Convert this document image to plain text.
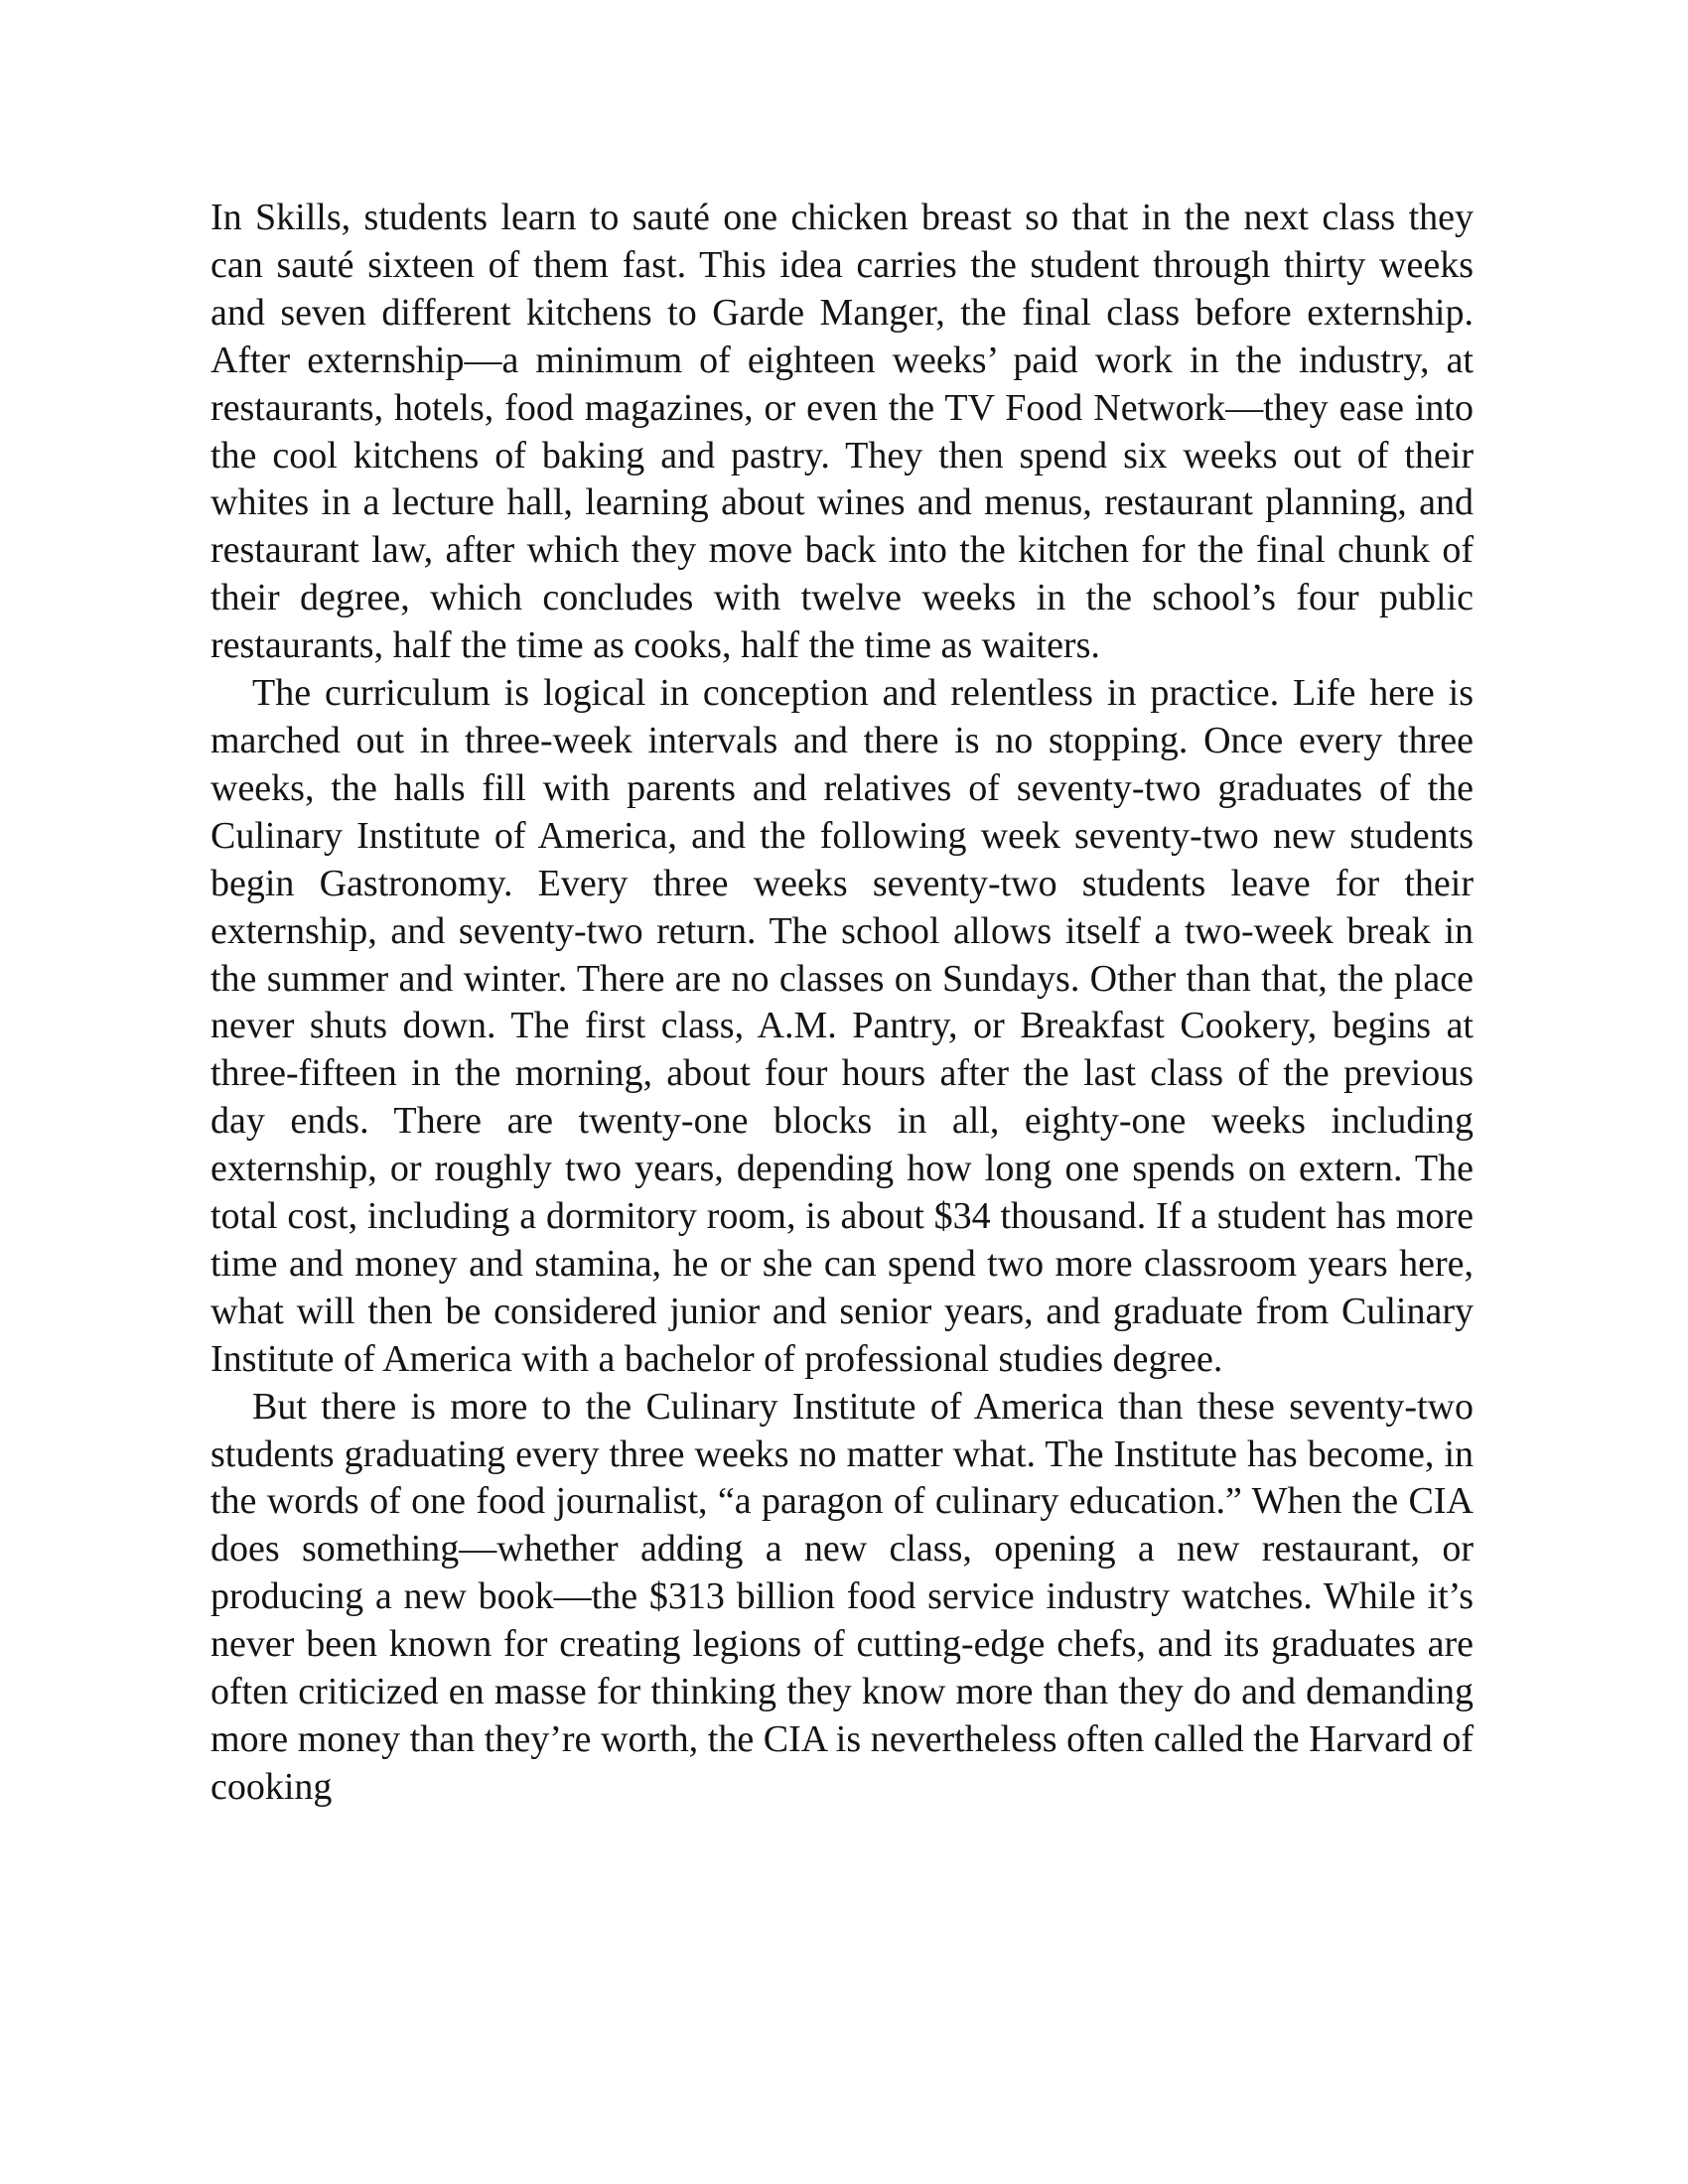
In Skills, students learn to sauté one chicken breast so that in the next class they can sauté sixteen of them fast. This idea carries the student through thirty weeks and seven different kitchens to Garde Manger, the final class before externship. After externship—a minimum of eighteen weeks’ paid work in the industry, at restaurants, hotels, food magazines, or even the TV Food Network—they ease into the cool kitchens of baking and pastry. They then spend six weeks out of their whites in a lecture hall, learning about wines and menus, restaurant planning, and restaurant law, after which they move back into the kitchen for the final chunk of their degree, which concludes with twelve weeks in the school’s four public restaurants, half the time as cooks, half the time as waiters.

The curriculum is logical in conception and relentless in practice. Life here is marched out in three-week intervals and there is no stopping. Once every three weeks, the halls fill with parents and relatives of seventy-two graduates of the Culinary Institute of America, and the following week seventy-two new students begin Gastronomy. Every three weeks seventy-two students leave for their externship, and seventy-two return. The school allows itself a two-week break in the summer and winter. There are no classes on Sundays. Other than that, the place never shuts down. The first class, A.M. Pantry, or Breakfast Cookery, begins at three-fifteen in the morning, about four hours after the last class of the previous day ends. There are twenty-one blocks in all, eighty-one weeks including externship, or roughly two years, depending how long one spends on extern. The total cost, including a dormitory room, is about $34 thousand. If a student has more time and money and stamina, he or she can spend two more classroom years here, what will then be considered junior and senior years, and graduate from Culinary Institute of America with a bachelor of professional studies degree.

But there is more to the Culinary Institute of America than these seventy-two students graduating every three weeks no matter what. The Institute has become, in the words of one food journalist, “a paragon of culinary education.” When the CIA does something—whether adding a new class, opening a new restaurant, or producing a new book—the $313 billion food service industry watches. While it’s never been known for creating legions of cutting-edge chefs, and its graduates are often criticized en masse for thinking they know more than they do and demanding more money than they’re worth, the CIA is nevertheless often called the Harvard of cooking
